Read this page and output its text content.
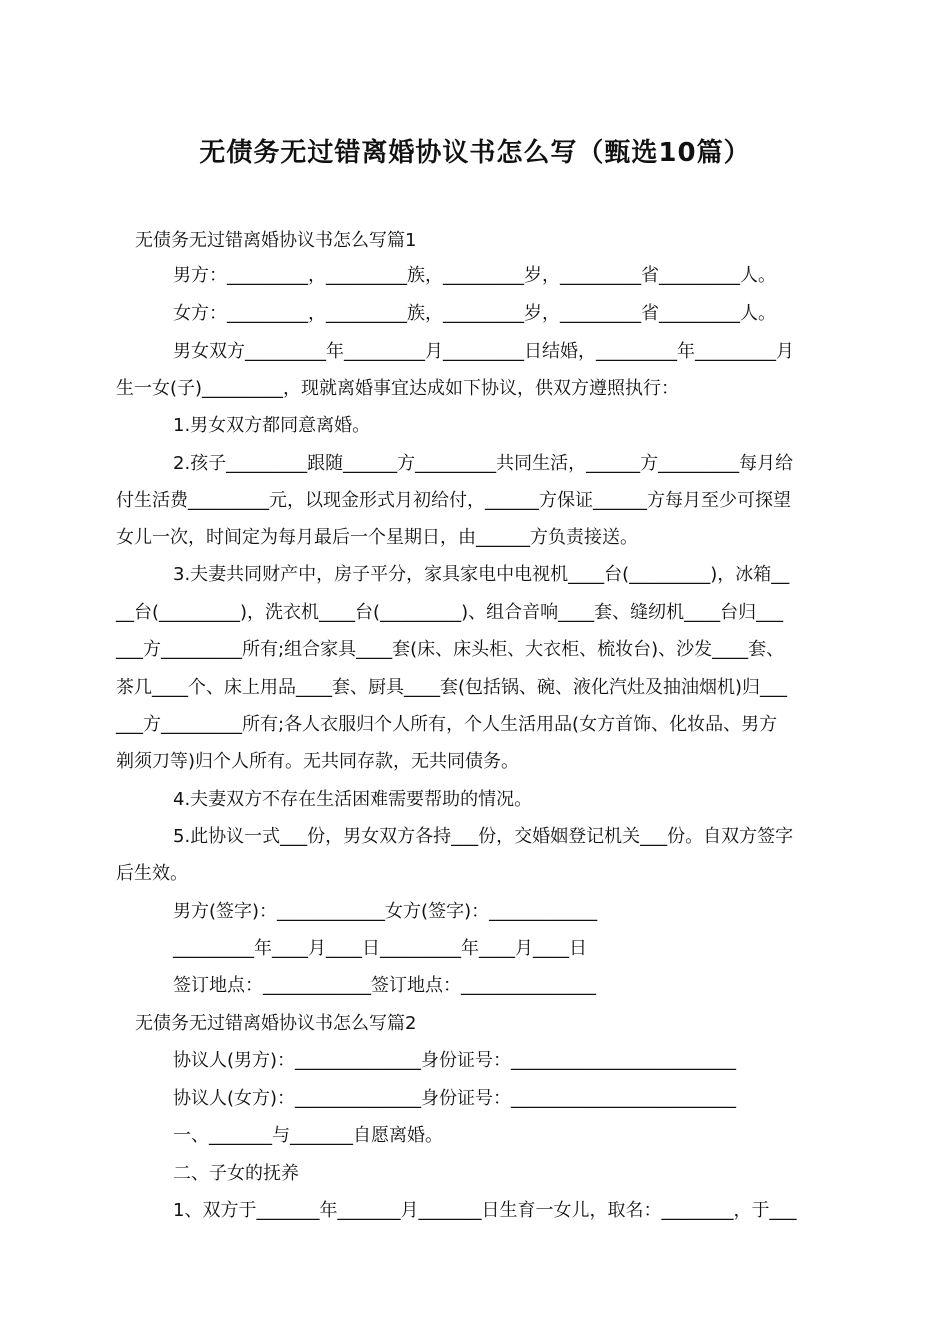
无债务无过错离婚协议书怎么写（甄选10篇）
无债务无过错离婚协议书怎么写篇1
男方：_________，_________族，_________岁，_________省_________人。
女方：_________，_________族，_________岁，_________省_________人。
男女双方_________年_________月_________日结婚，_________年_________月
生一女(子)_________，现就离婚事宜达成如下协议，供双方遵照执行：
1.男女双方都同意离婚。
2.孩子_________跟随______方_________共同生活，______方_________每月给
付生活费_________元，以现金形式月初给付，______方保证______方每月至少可探望
女儿一次，时间定为每月最后一个星期日，由______方负责接送。
3.夫妻共同财产中，房子平分，家具家电中电视机____台(_________)，冰箱__
__台(_________)，洗衣机____台(_________)、组合音响____套、缝纫机____台归___
___方_________所有;组合家具____套(床、床头柜、大衣柜、梳妆台)、沙发____套、
茶几____个、床上用品____套、厨具____套(包括锅、碗、液化汽灶及抽油烟机)归___
___方_________所有;各人衣服归个人所有，个人生活用品(女方首饰、化妆品、男方
剃须刀等)归个人所有。无共同存款，无共同债务。
4.夫妻双方不存在生活困难需要帮助的情况。
5.此协议一式___份，男女双方各持___份，交婚姻登记机关___份。自双方签字
后生效。
男方(签字)：____________女方(签字)：____________
_________年____月____日_________年____月____日
签订地点：____________签订地点：_______________
无债务无过错离婚协议书怎么写篇2
协议人(男方)：______________身份证号：_________________________
协议人(女方)：______________身份证号：_________________________
一、_______与_______自愿离婚。
二、子女的抚养
1、双方于_______年_______月_______日生育一女儿，取名：________，于___
